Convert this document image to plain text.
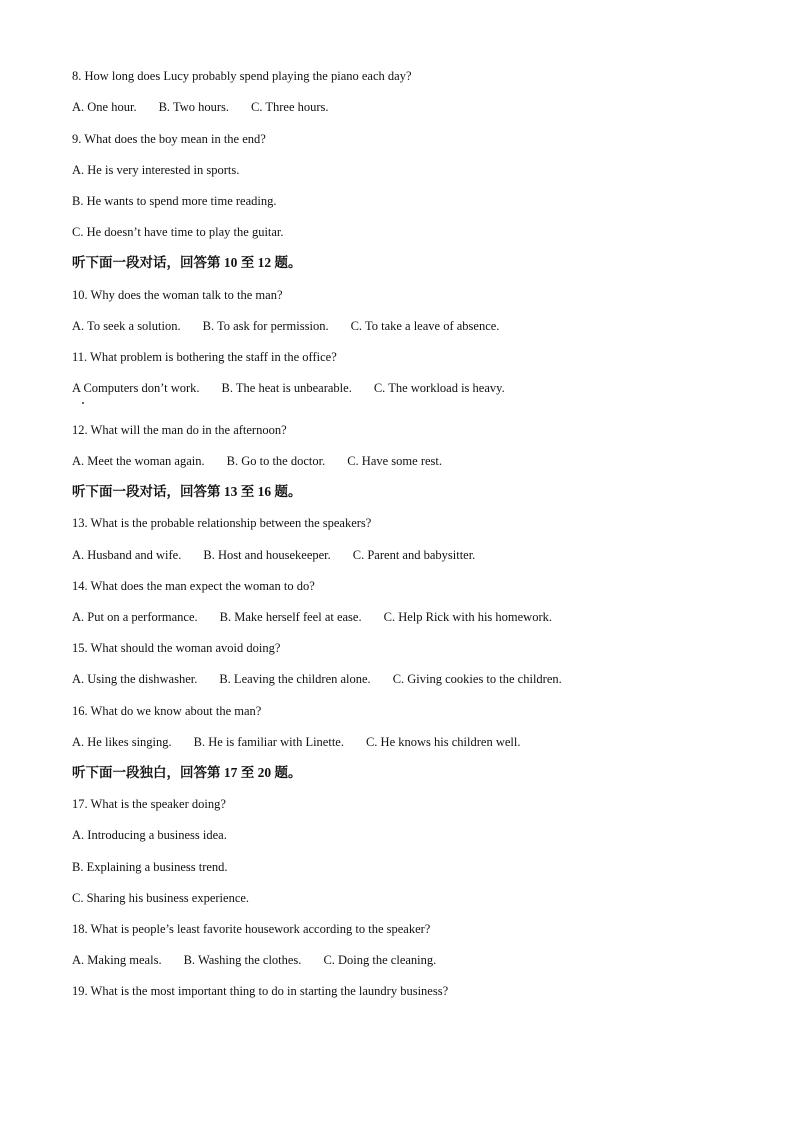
8. How long does Lucy probably spend playing the piano each day?
A. One hour. B. Two hours. C. Three hours.
9. What does the boy mean in the end?
A. He is very interested in sports.
B. He wants to spend more time reading.
C. He doesn’t have time to play the guitar.
听下面一段对话，回答第 10 至 12 题。
10. Why does the woman talk to the man?
A. To seek a solution. B. To ask for permission. C. To take a leave of absence.
11. What problem is bothering the staff in the office?
A Computers don’t work. B. The heat is unbearable. C. The workload is heavy.
12. What will the man do in the afternoon?
A. Meet the woman again. B. Go to the doctor. C. Have some rest.
听下面一段对话，回答第 13 至 16 题。
13. What is the probable relationship between the speakers?
A. Husband and wife. B. Host and housekeeper. C. Parent and babysitter.
14. What does the man expect the woman to do?
A. Put on a performance. B. Make herself feel at ease. C. Help Rick with his homework.
15. What should the woman avoid doing?
A. Using the dishwasher. B. Leaving the children alone. C. Giving cookies to the children.
16. What do we know about the man?
A. He likes singing. B. He is familiar with Linette. C. He knows his children well.
听下面一段独白，回答第 17 至 20 题。
17. What is the speaker doing?
A. Introducing a business idea.
B. Explaining a business trend.
C. Sharing his business experience.
18. What is people’s least favorite housework according to the speaker?
A. Making meals. B. Washing the clothes. C. Doing the cleaning.
19. What is the most important thing to do in starting the laundry business?
